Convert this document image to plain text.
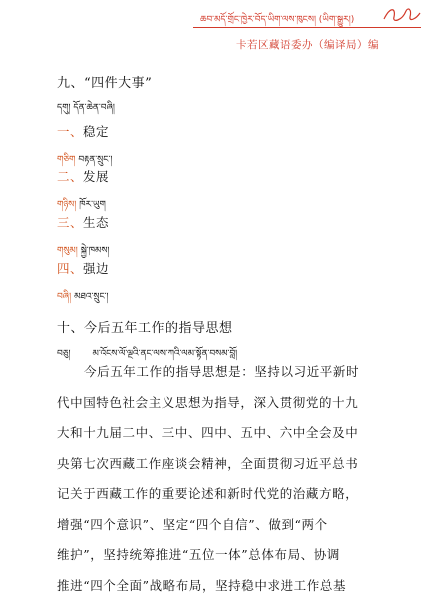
ཆབ་མདོ་གྲོང་ཁྱེར་བོད་ཡིག་ལས་ཁུངས། (ཡིག་སྒྱུར།)
卡若区藏语委办（编译局）编
九、“四件大事”
དགུ། དོན་ཆེན་བཞི།
一、稳定
གཅིག བརྟན་སྲུང་།
二、发展
གཉིས། ཁོར་ཡུག
三、生态
གསུམ། སྐྱེ་ཁམས།
四、强边
བཞི། མཐའ་སྲུང་།
十、今后五年工作的指导思想
བཅུ། མ་འོངས་ལོ་ལྔའི་ནང་ལས་ཀའི་ལམ་སྟོན་བསམ་བློ།
今后五年工作的指导思想是：坚持以习近平新时
代中国特色社会主义思想为指导，深入贯彻党的十九
大和十九届二中、三中、四中、五中、六中全会及中
央第七次西藏工作座谈会精神，全面贯彻习近平总书
记关于西藏工作的重要论述和新时代党的治藏方略，
增强“四个意识”、坚定“四个自信”、做到“两个
维护”，坚持统筹推进“五位一体”总体布局、协调
推进“四个全面”战略布局，坚持稳中求进工作总基
